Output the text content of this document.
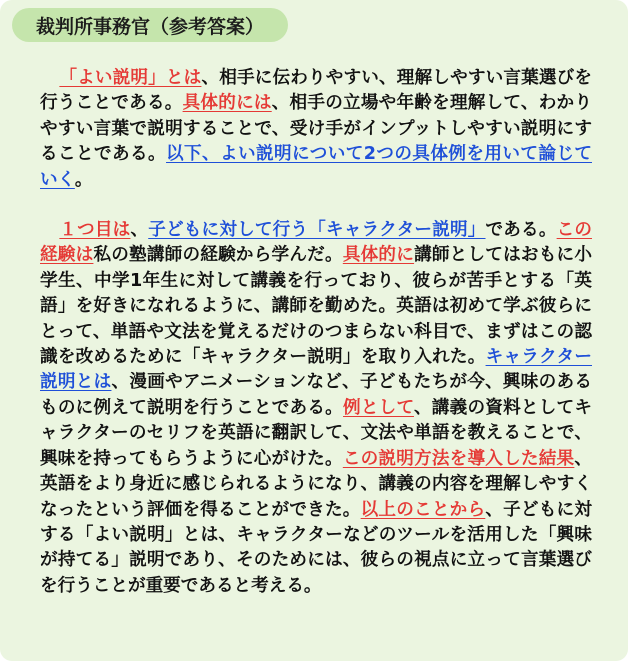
裁判所事務官（参考答案）

「よい説明」とは、相手に伝わりやすい、理解しやすい言葉選びを行うことである。具体的には、相手の立場や年齢を理解して、わかりやすい言葉で説明することで、受け手がインプットしやすい説明にすることである。以下、よい説明について2つの具体例を用いて論じていく。

１つ目は、子どもに対して行う「キャラクター説明」である。この経験は私の塾講師の経験から学んだ。具体的に講師としてはおもに小学生、中学1年生に対して講義を行っており、彼らが苦手とする「英語」を好きになれるように、講師を勤めた。英語は初めて学ぶ彼らにとって、単語や文法を覚えるだけのつまらない科目で、まずはこの認識を改めるために「キャラクター説明」を取り入れた。キャラクター説明とは、漫画やアニメーションなど、子どもたちが今、興味のあるものに例えて説明を行うことである。例として、講義の資料としてキャラクターのセリフを英語に翻訳して、文法や単語を教えることで、興味を持ってもらうように心がけた。この説明方法を導入した結果、英語をより身近に感じられるようになり、講義の内容を理解しやすくなったという評価を得ることができた。以上のことから、子どもに対する「よい説明」とは、キャラクターなどのツールを活用した「興味が持てる」説明であり、そのためには、彼らの視点に立って言葉選びを行うことが重要であると考える。
